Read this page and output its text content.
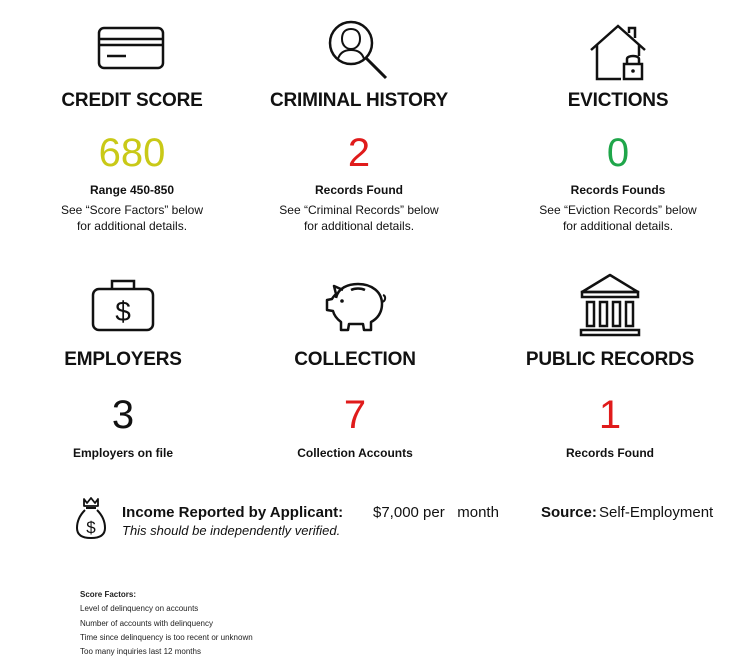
CREDIT SCORE
680
Range 450-850
See “Score Factors” below
for additional details.
CRIMINAL HISTORY
2
Records Found
See “Criminal Records” below
for additional details.
EVICTIONS
0
Records Founds
See “Eviction Records” below
for additional details.
$
EMPLOYERS
3
Employers on file
COLLECTION
7
Collection Accounts
PUBLIC RECORDS
1
Records Found
$
Income Reported by Applicant:
This should be independently verified.
$7,000 per   month	Source: Self-Employment
Score Factors:
Level of delinquency on accounts
Number of accounts with delinquency
Time since delinquency is too recent or unknown
Too many inquiries last 12 months
